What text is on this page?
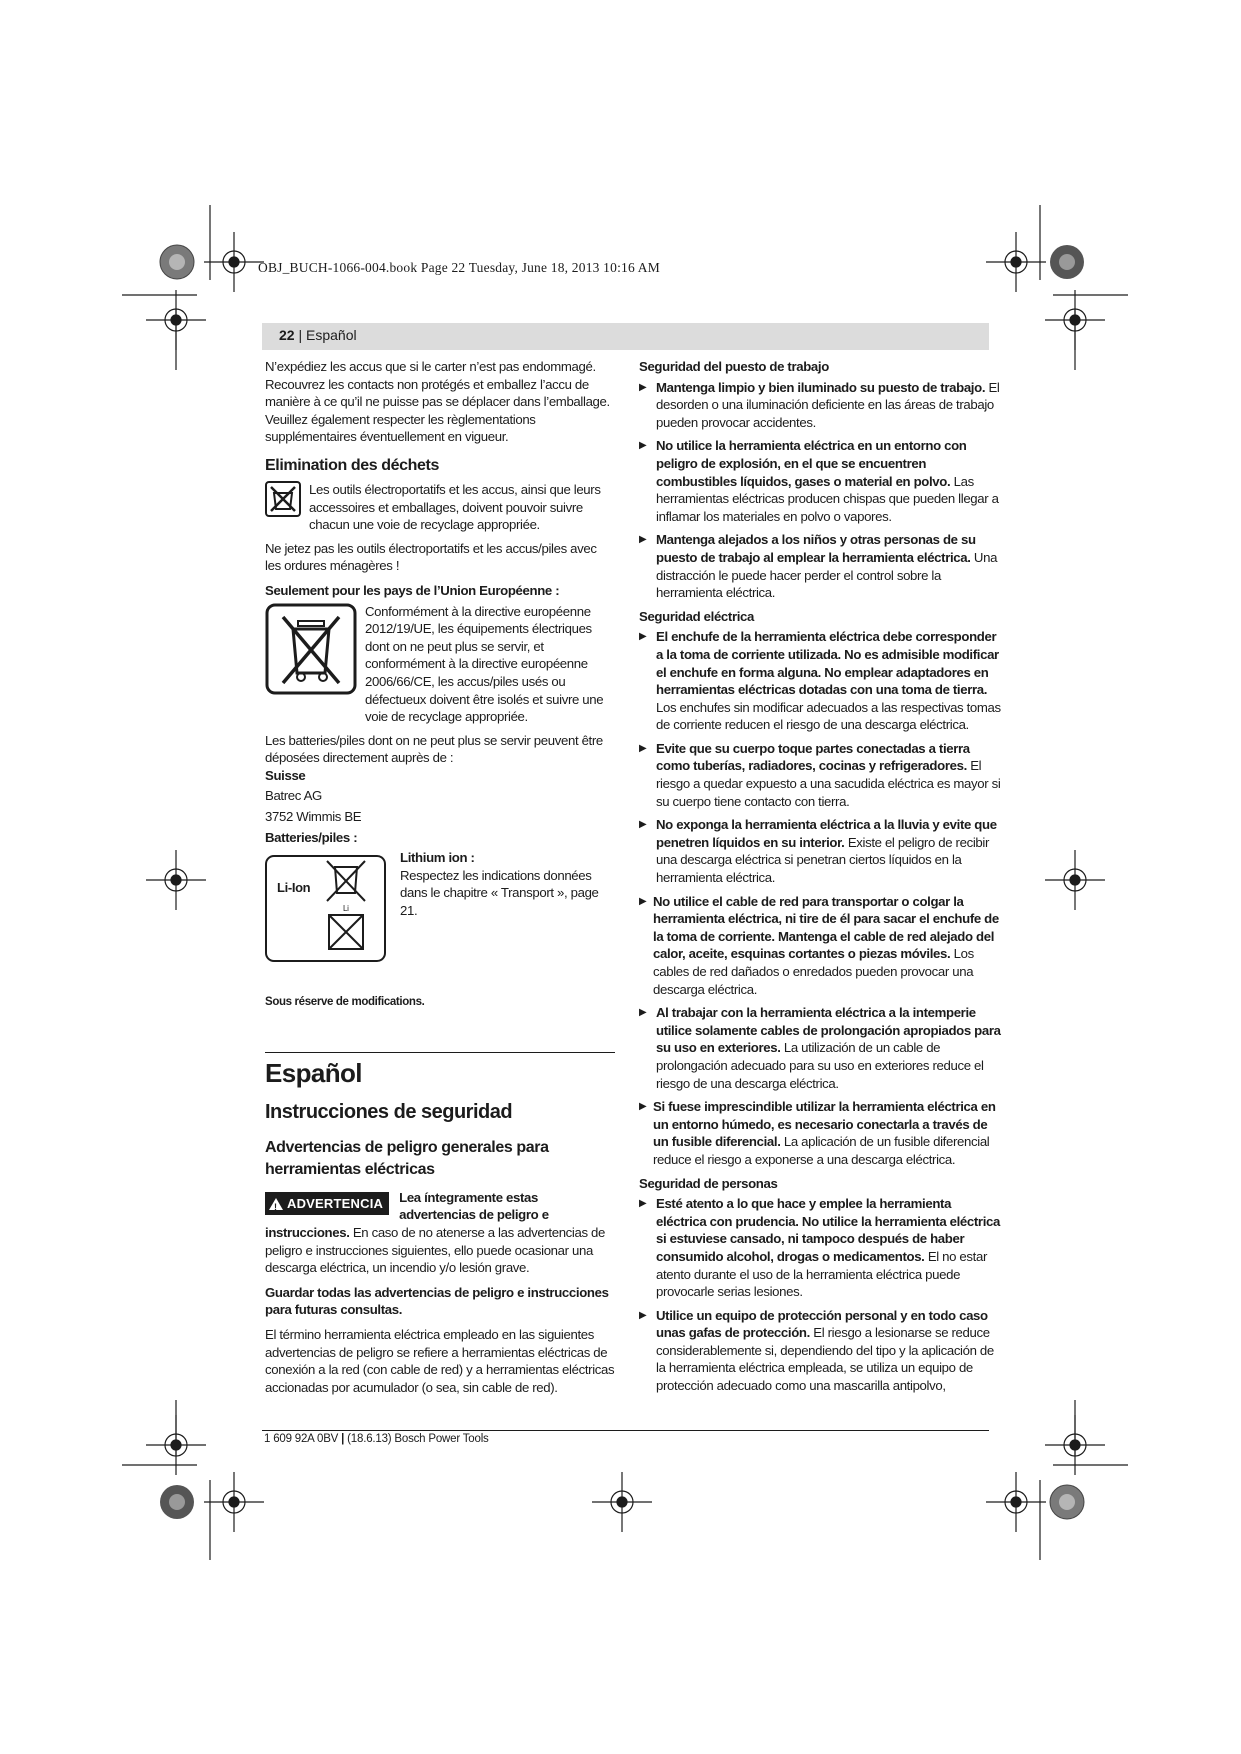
OBJ_BUCH-1066-004.book Page 22 Tuesday, June 18, 2013 10:16 AM
22 | Español

N’expédiez les accus que si le carter n’est pas endommagé. Recouvrez les contacts non protégés et emballez l’accu de manière à ce qu’il ne puisse pas se déplacer dans l’emballage. Veuillez également respecter les règlementations supplémentaires éventuellement en vigueur.

Elimination des déchets
Les outils électroportatifs et les accus, ainsi que leurs accessoires et emballages, doivent pouvoir suivre chacun une voie de recyclage appropriée.

Ne jetez pas les outils électroportatifs et les accus/piles avec les ordures ménagères !

Seulement pour les pays de l’Union Européenne :
Conformément à la directive européenne 2012/19/UE, les équipements électriques dont on ne peut plus se servir, et conformément à la directive européenne 2006/66/CE, les accus/piles usés ou défectueux doivent être isolés et suivre une voie de recyclage appropriée.

Les batteries/piles dont on ne peut plus se servir peuvent être déposées directement auprès de :

Suisse
Batrec AG
3752 Wimmis BE
Batteries/piles :
Li-Ion
Li
Lithium ion :
Respectez les indications données dans le chapitre « Transport », page 21.
Sous réserve de modifications.
Español
Instrucciones de seguridad
Advertencias de peligro generales para herramientas eléctricas
!
ADVERTENCIA	Lea íntegramente estas advertencias de peligro e instrucciones. En caso de no atenerse a las advertencias de peligro e instrucciones siguientes, ello puede ocasionar una descarga eléctrica, un incendio y/o lesión grave.

Guardar todas las advertencias de peligro e instrucciones para futuras consultas.

El término herramienta eléctrica empleado en las siguientes advertencias de peligro se refiere a herramientas eléctricas de conexión a la red (con cable de red) y a herramientas eléctricas accionadas por acumulador (o sea, sin cable de red).

Seguridad del puesto de trabajo
▶ Mantenga limpio y bien iluminado su puesto de trabajo. El desorden o una iluminación deficiente en las áreas de trabajo pueden provocar accidentes.
▶ No utilice la herramienta eléctrica en un entorno con peligro de explosión, en el que se encuentren combustibles líquidos, gases o material en polvo. Las herramientas eléctricas producen chispas que pueden llegar a inflamar los materiales en polvo o vapores.
▶ Mantenga alejados a los niños y otras personas de su puesto de trabajo al emplear la herramienta eléctrica. Una distracción le puede hacer perder el control sobre la herramienta eléctrica.
Seguridad eléctrica
▶ El enchufe de la herramienta eléctrica debe corresponder a la toma de corriente utilizada. No es admisible modificar el enchufe en forma alguna. No emplear adaptadores en herramientas eléctricas dotadas con una toma de tierra. Los enchufes sin modificar adecuados a las respectivas tomas de corriente reducen el riesgo de una descarga eléctrica.
▶ Evite que su cuerpo toque partes conectadas a tierra como tuberías, radiadores, cocinas y refrigeradores. El riesgo a quedar expuesto a una sacudida eléctrica es mayor si su cuerpo tiene contacto con tierra.
▶ No exponga la herramienta eléctrica a la lluvia y evite que penetren líquidos en su interior. Existe el peligro de recibir una descarga eléctrica si penetran ciertos líquidos en la herramienta eléctrica.
▶ No utilice el cable de red para transportar o colgar la herramienta eléctrica, ni tire de él para sacar el enchufe de la toma de corriente. Mantenga el cable de red alejado del calor, aceite, esquinas cortantes o piezas móviles. Los cables de red dañados o enredados pueden provocar una descarga eléctrica.
▶ Al trabajar con la herramienta eléctrica a la intemperie utilice solamente cables de prolongación apropiados para su uso en exteriores. La utilización de un cable de prolongación adecuado para su uso en exteriores reduce el riesgo de una descarga eléctrica.
▶ Si fuese imprescindible utilizar la herramienta eléctrica en un entorno húmedo, es necesario conectarla a través de un fusible diferencial. La aplicación de un fusible diferencial reduce el riesgo a exponerse a una descarga eléctrica.
Seguridad de personas
▶ Esté atento a lo que hace y emplee la herramienta eléctrica con prudencia. No utilice la herramienta eléctrica si estuviese cansado, ni tampoco después de haber consumido alcohol, drogas o medicamentos. El no estar atento durante el uso de la herramienta eléctrica puede provocarle serias lesiones.
▶ Utilice un equipo de protección personal y en todo caso unas gafas de protección. El riesgo a lesionarse se reduce considerablemente si, dependiendo del tipo y la aplicación de la herramienta eléctrica empleada, se utiliza un equipo de protección adecuado como una mascarilla antipolvo,
1 609 92A 0BV | (18.6.13) Bosch Power Tools
